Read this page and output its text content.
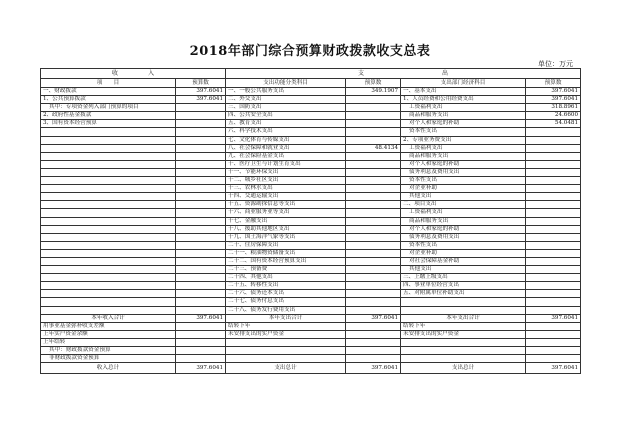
2018年部门综合预算财政拨款收支总表
单位：万元
收　　　　　入		支　　　　　　　　　　　　　出			
项　　目	预算数	支出功能分类科目	预算数	支出部门经济科目	预算数
一、财政拨款	397.6041	一、一般公共服务支出	349.1907	一、基本支出	397.6041
1、公共预算拨款	397.6041	二、外交支出		1、人员经费和公用经费支出	397.6041
其中：专项资金列入部门预算的项目		三、国防支出		工资福利支出	318.8961
2、政府性基金拨款		四、公共安全支出		商品和服务支出	24.6600
3、国有资本经营预算		五、教育支出		对个人和家庭的补助	54.0481
		六、科学技术支出		资本性支出	
		七、文化体育与传媒支出		2、专项业务费支出	
		八、社会保障和就业支出	48.4134	工资福利支出	
		九、社会保险基金支出		商品和服务支出	
		十、医疗卫生与计划生育支出		对个人和家庭的补助	
		十一、节能环保支出		债务利息及费用支出	
		十二、城乡社区支出		资本性支出	
		十三、农林水支出		对企业补助	
		十四、交通运输支出		其他支出	
		十五、资源勘探信息等支出		二、项目支出	
		十六、商业服务业等支出		工资福利支出	
		十七、金融支出		商品和服务支出	
		十八、援助其他地区支出		对个人和家庭的补助	
		十九、国土海洋气象等支出		债务利息及费用支出	
		二十、住房保障支出		资本性支出	
		二十一、粮油物资储备支出		对企业补助	
		二十二、国有资本经营预算支出		对社会保障基金补助	
		二十三、预备费		其他支出	
		二十四、其他支出		三、上缴上级支出	
		二十五、转移性支出		四、事业单位经营支出	
		二十六、债务还本支出		五、对附属单位补助支出	
		二十七、债务付息支出			
		二十八、债务发行费用支出			
本年收入合计	397.6041	本年支出合计	397.6041	本年支出合计	397.6041
用事业基金弥补收支差额		结转下年		结转下年	
上年实户资金余额		未安排支出的实户资金		未安排支出的实户资金	
上年结转					
其中：财政拨款资金预算					
非财政拨款资金预算					
收入总计	397.6041	支出总计	397.6041	支出总计	397.6041
